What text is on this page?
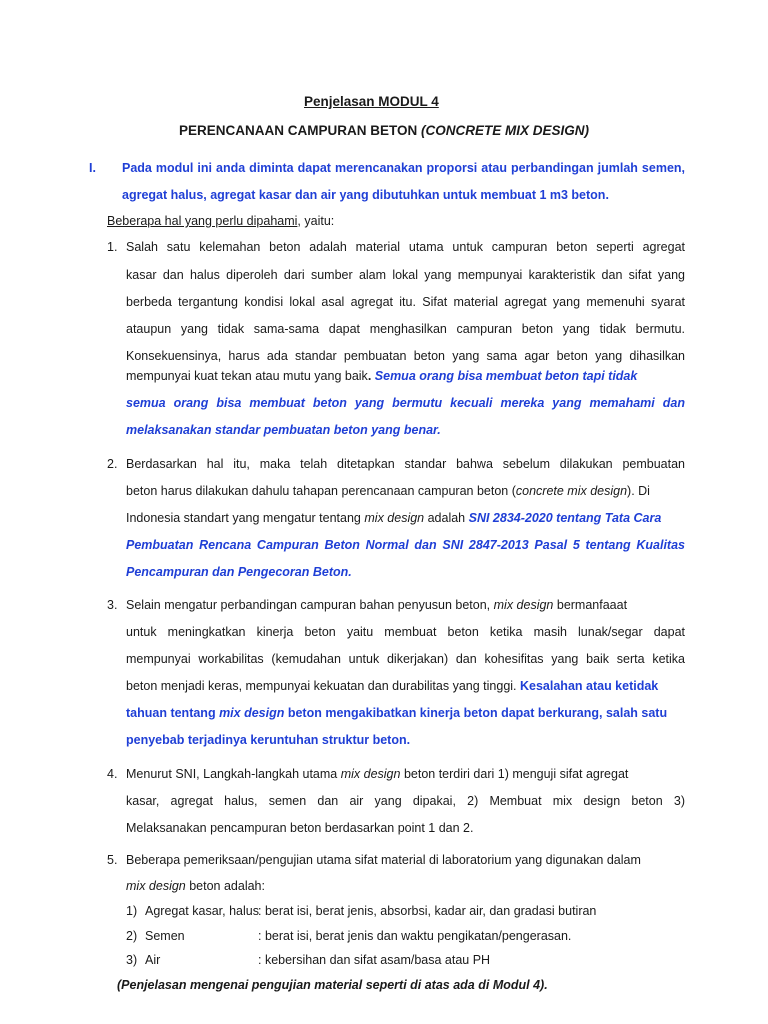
Penjelasan MODUL 4
PERENCANAAN CAMPURAN BETON (CONCRETE MIX DESIGN)
I. Pada modul ini anda diminta dapat merencanakan proporsi atau perbandingan jumlah semen,
agregat halus, agregat kasar dan air yang dibutuhkan untuk membuat 1 m3 beton.
Beberapa hal yang perlu dipahami, yaitu:
1. Salah satu kelemahan beton adalah material utama untuk campuran beton seperti agregat
kasar dan halus diperoleh dari sumber alam lokal yang mempunyai karakteristik dan sifat yang
berbeda tergantung kondisi lokal asal agregat itu. Sifat material agregat yang memenuhi syarat
ataupun yang tidak sama-sama dapat menghasilkan campuran beton yang tidak bermutu.
Konsekuensinya, harus ada standar pembuatan beton yang sama agar beton yang dihasilkan
mempunyai kuat tekan atau mutu yang baik. Semua orang bisa membuat beton tapi tidak
semua orang bisa membuat beton yang bermutu kecuali mereka yang memahami dan
melaksanakan standar pembuatan beton yang benar.
2. Berdasarkan hal itu, maka telah ditetapkan standar bahwa sebelum dilakukan pembuatan
beton harus dilakukan dahulu tahapan perencanaan campuran beton (concrete mix design). Di
Indonesia standart yang mengatur tentang mix design adalah SNI 2834-2020 tentang Tata Cara
Pembuatan Rencana Campuran Beton Normal dan SNI 2847-2013 Pasal 5 tentang Kualitas
Pencampuran dan Pengecoran Beton.
3. Selain mengatur perbandingan campuran bahan penyusun beton, mix design bermanfaaat
untuk meningkatkan kinerja beton yaitu membuat beton ketika masih lunak/segar dapat
mempunyai workabilitas (kemudahan untuk dikerjakan) dan kohesifitas yang baik serta ketika
beton menjadi keras, mempunyai kekuatan dan durabilitas yang tinggi. Kesalahan atau ketidak
tahuan tentang mix design beton mengakibatkan kinerja beton dapat berkurang, salah satu
penyebab terjadinya keruntuhan struktur beton.
4. Menurut SNI, Langkah-langkah utama mix design beton terdiri dari 1) menguji sifat agregat
kasar, agregat halus, semen dan air yang dipakai, 2) Membuat mix design beton 3)
Melaksanakan pencampuran beton berdasarkan point 1 dan 2.
5. Beberapa pemeriksaan/pengujian utama sifat material di laboratorium yang digunakan dalam
mix design beton adalah:
1) Agregat kasar, halus : berat isi, berat jenis, absorbsi, kadar air, dan gradasi butiran
2) Semen	: berat isi, berat jenis dan waktu pengikatan/pengerasan.
3) Air	: kebersihan dan sifat asam/basa atau PH
(Penjelasan mengenai pengujian material seperti di atas ada di Modul 4).
